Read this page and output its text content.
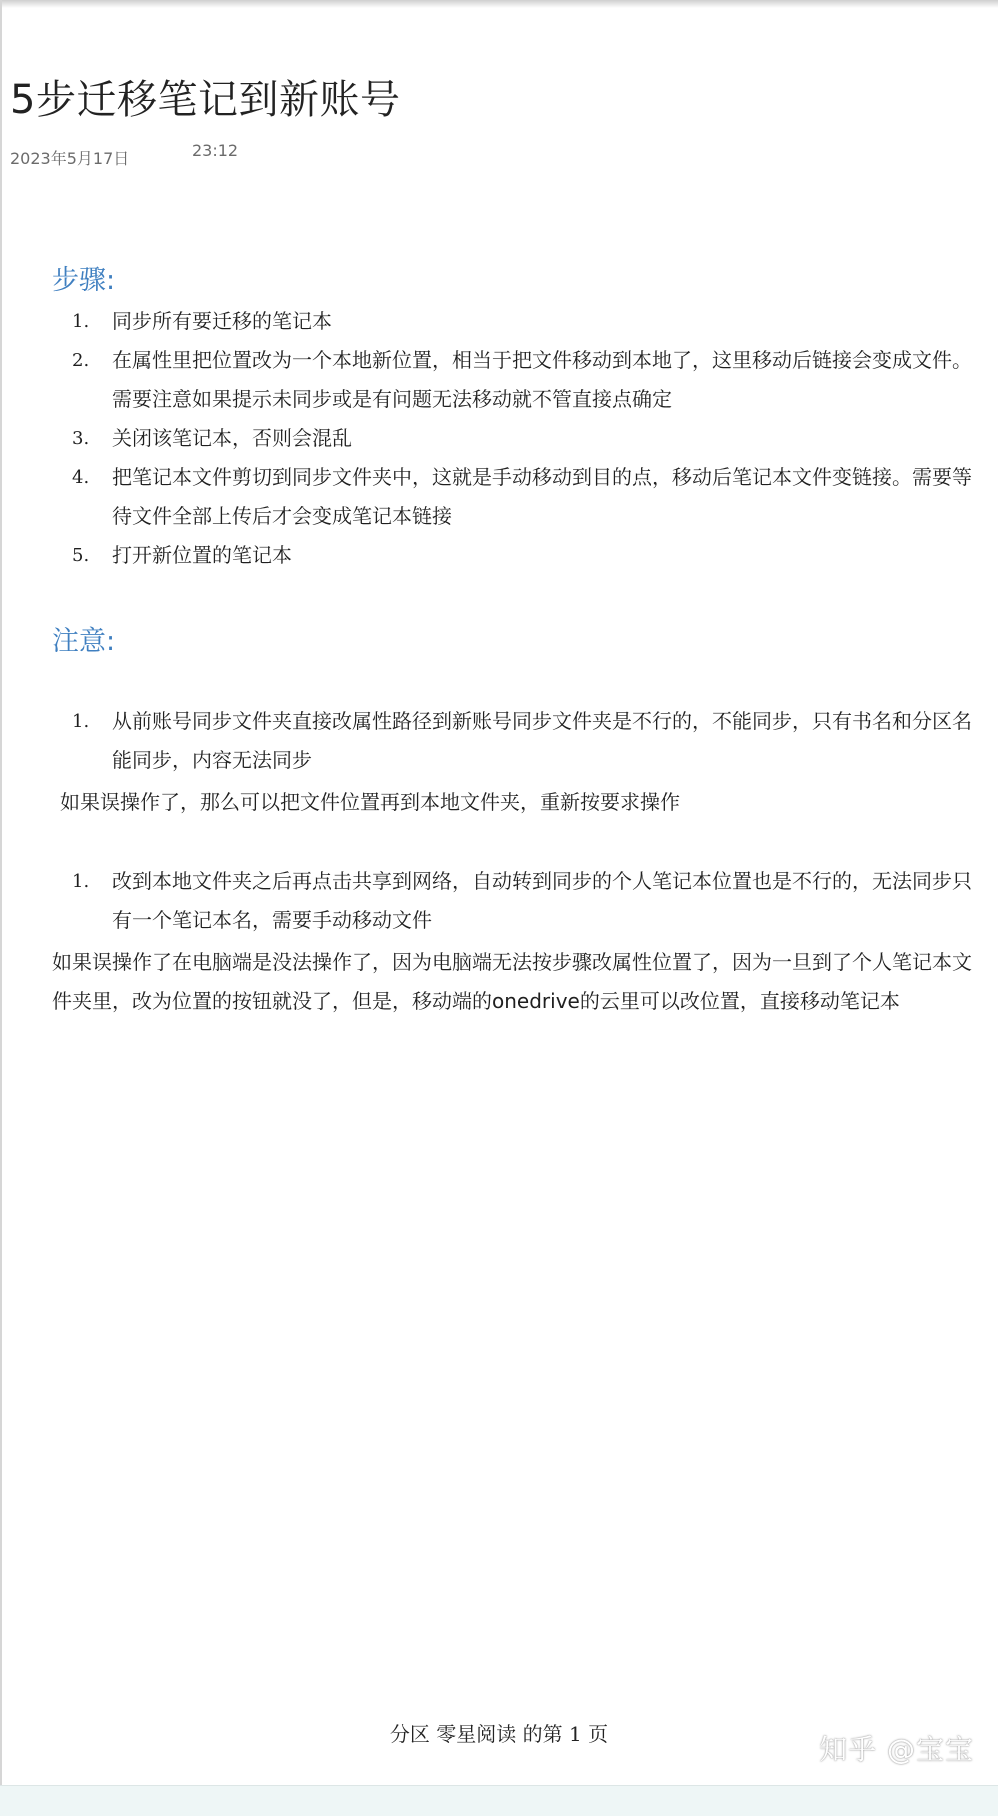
5步迁移笔记到新账号
2023年5月17日	23:12
步骤:
1. 同步所有要迁移的笔记本
2. 在属性里把位置改为一个本地新位置，相当于把文件移动到本地了，这里移动后链接会变成文件。需要注意如果提示未同步或是有问题无法移动就不管直接点确定
3. 关闭该笔记本，否则会混乱
4. 把笔记本文件剪切到同步文件夹中，这就是手动移动到目的点，移动后笔记本文件变链接。需要等待文件全部上传后才会变成笔记本链接
5. 打开新位置的笔记本
注意:
1. 从前账号同步文件夹直接改属性路径到新账号同步文件夹是不行的，不能同步，只有书名和分区名能同步，内容无法同步
如果误操作了，那么可以把文件位置再到本地文件夹，重新按要求操作
1. 改到本地文件夹之后再点击共享到网络，自动转到同步的个人笔记本位置也是不行的，无法同步只有一个笔记本名，需要手动移动文件
如果误操作了在电脑端是没法操作了，因为电脑端无法按步骤改属性位置了，因为一旦到了个人笔记本文件夹里，改为位置的按钮就没了，但是，移动端的onedrive的云里可以改位置，直接移动笔记本
分区 零星阅读 的第 1 页	知乎 @宝宝
